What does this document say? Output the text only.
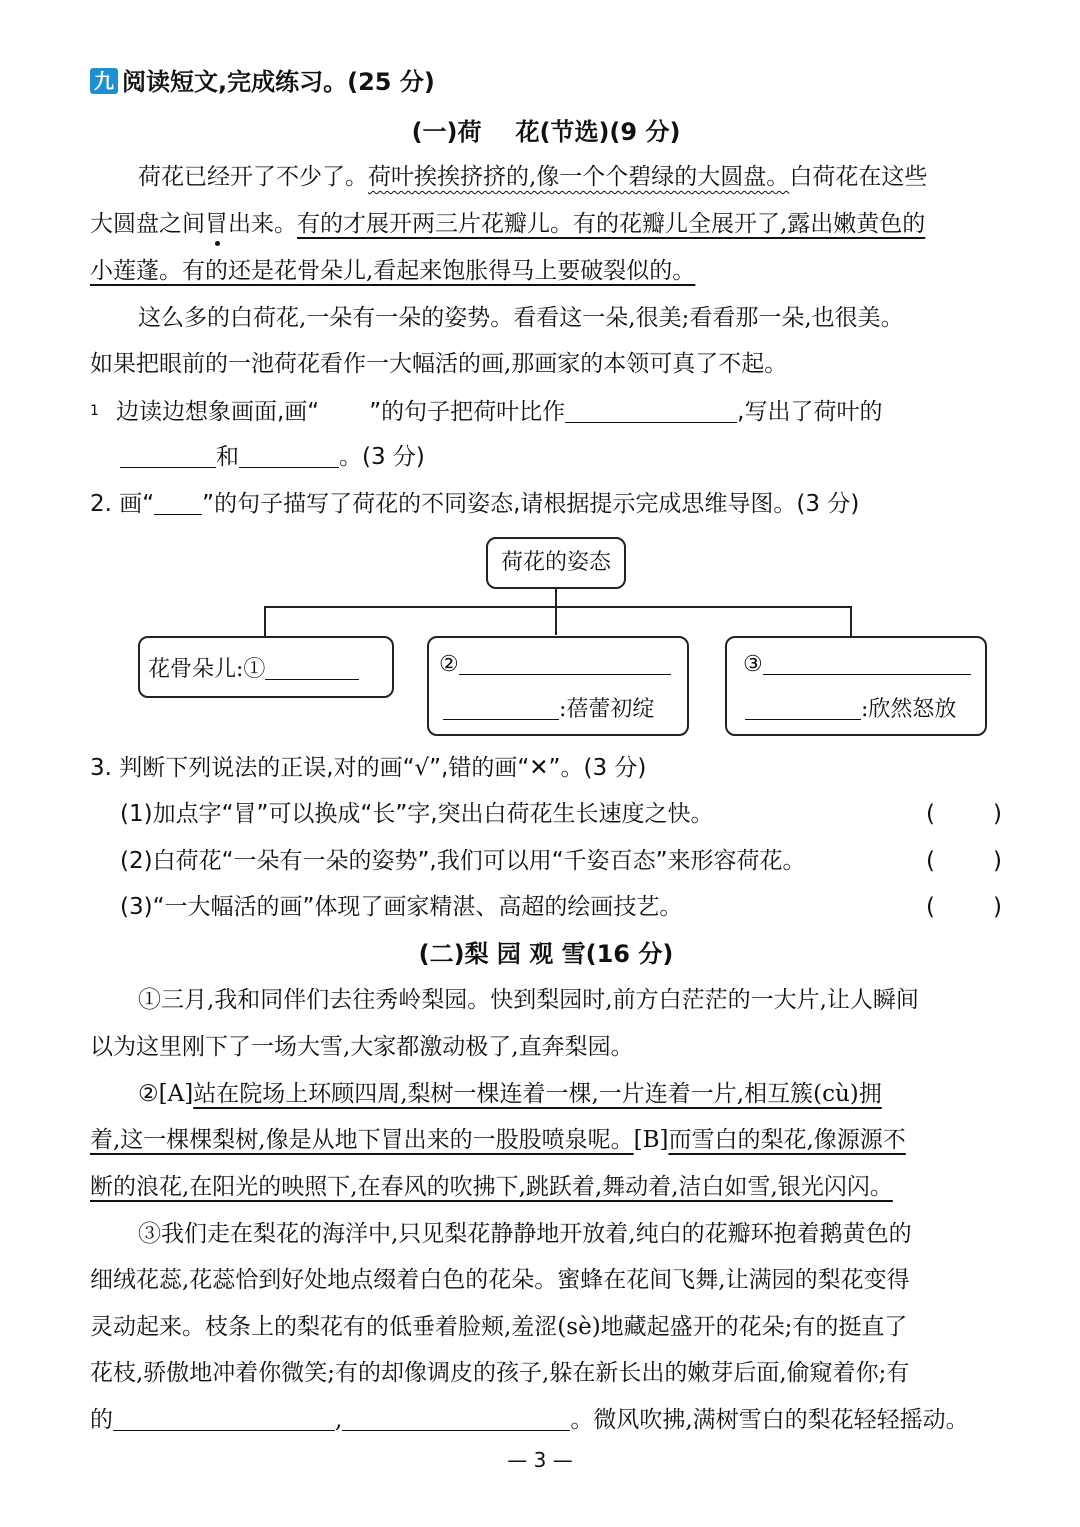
九 阅读短文,完成练习。(25 分)
(一)荷 花(节选)(9 分)
荷花已经开了不少了。荷叶挨挨挤挤的,像一个个碧绿的大圆盘。白荷花在这些
大圆盘之间冒出来。有的才展开两三片花瓣儿。有的花瓣儿全展开了,露出嫩黄色的
小莲蓬。有的还是花骨朵儿,看起来饱胀得马上要破裂似的。
这么多的白荷花,一朵有一朵的姿势。看看这一朵,很美;看看那一朵,也很美。
如果把眼前的一池荷花看作一大幅活的画,那画家的本领可真了不起。
1 边读边想象画面,画“ ”的句子把荷叶比作	,写出了荷叶的
和	。(3 分)
2. 画“ ”的句子描写了荷花的不同姿态,请根据提示完成思维导图。(3 分)
荷花的姿态
花骨朵儿:①	②
:蓓蕾初绽
③
:欣然怒放
3. 判断下列说法的正误,对的画“√”,错的画“✕”。(3 分)
(1)加点字“冒”可以换成“长”字,突出白荷花生长速度之快。	(	)
(2)白荷花“一朵有一朵的姿势”,我们可以用“千姿百态”来形容荷花。	(	)
(3)“一大幅活的画”体现了画家精湛、高超的绘画技艺。	(	)
(二)梨 园 观 雪(16 分)
①三月,我和同伴们去往秀岭梨园。快到梨园时,前方白茫茫的一大片,让人瞬间
以为这里刚下了一场大雪,大家都激动极了,直奔梨园。
②[A]站在院场上环顾四周,梨树一棵连着一棵,一片连着一片,相互簇(cù)拥
着,这一棵棵梨树,像是从地下冒出来的一股股喷泉呢。[B]而雪白的梨花,像源源不
断的浪花,在阳光的映照下,在春风的吹拂下,跳跃着,舞动着,洁白如雪,银光闪闪。
③我们走在梨花的海洋中,只见梨花静静地开放着,纯白的花瓣环抱着鹅黄色的
细绒花蕊,花蕊恰到好处地点缀着白色的花朵。蜜蜂在花间飞舞,让满园的梨花变得
灵动起来。枝条上的梨花有的低垂着脸颊,羞涩(sè)地藏起盛开的花朵;有的挺直了
花枝,骄傲地冲着你微笑;有的却像调皮的孩子,躲在新长出的嫩芽后面,偷窥着你;有
的	,	。微风吹拂,满树雪白的梨花轻轻摇动。
— 3 —
